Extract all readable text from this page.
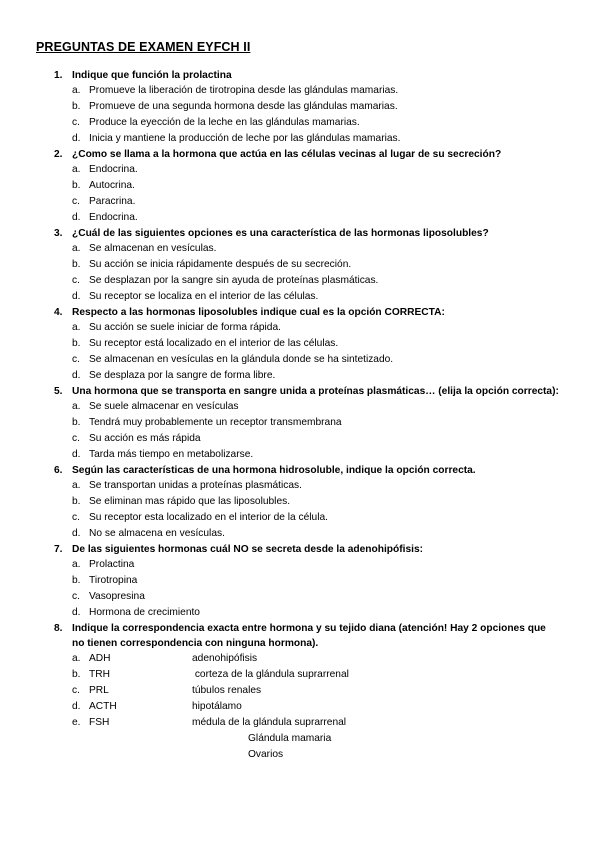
PREGUNTAS DE EXAMEN EYFCH II
1. Indique que función la prolactina
a. Promueve la liberación de tirotropina desde las glándulas mamarias.
b. Promueve de una segunda hormona desde las glándulas mamarias.
c. Produce la eyección de la leche en las glándulas mamarias.
d. Inicia y mantiene la producción de leche por las glándulas mamarias.
2. ¿Como se llama a la hormona que actúa en las células vecinas al lugar de su secreción?
a. Endocrina.
b. Autocrina.
c. Paracrina.
d. Endocrina.
3. ¿Cuál de las siguientes opciones es una característica de las hormonas liposolubles?
a. Se almacenan en vesículas.
b. Su acción se inicia rápidamente después de su secreción.
c. Se desplazan por la sangre sin ayuda de proteínas plasmáticas.
d. Su receptor se localiza en el interior de las células.
4. Respecto a las hormonas liposolubles indique cual es la opción CORRECTA:
a. Su acción se suele iniciar de forma rápida.
b. Su receptor está localizado en el interior de las células.
c. Se almacenan en vesículas en la glándula donde se ha sintetizado.
d. Se desplaza por la sangre de forma libre.
5. Una hormona que se transporta en sangre unida a proteínas plasmáticas… (elija la opción correcta):
a. Se suele almacenar en vesículas
b. Tendrá muy probablemente un receptor transmembrana
c. Su acción es más rápida
d. Tarda más tiempo en metabolizarse.
6. Según las características de una hormona hidrosoluble, indique la opción correcta.
a. Se transportan unidas a proteínas plasmáticas.
b. Se eliminan mas rápido que las liposolubles.
c. Su receptor esta localizado en el interior de la célula.
d. No se almacena en vesículas.
7. De las siguientes hormonas cuál NO se secreta desde la adenohipófisis:
a. Prolactina
b. Tirotropina
c. Vasopresina
d. Hormona de crecimiento
8. Indique la correspondencia exacta entre hormona y su tejido diana (atención! Hay 2 opciones que no tienen correspondencia con ninguna hormona).
a. ADH	adenohipófisis
b. TRH	corteza de la glándula suprarrenal
c. PRL	túbulos renales
d. ACTH	hipotálamo
e. FSH	médula de la glándula suprarrenal
Glándula mamaria
Ovarios
